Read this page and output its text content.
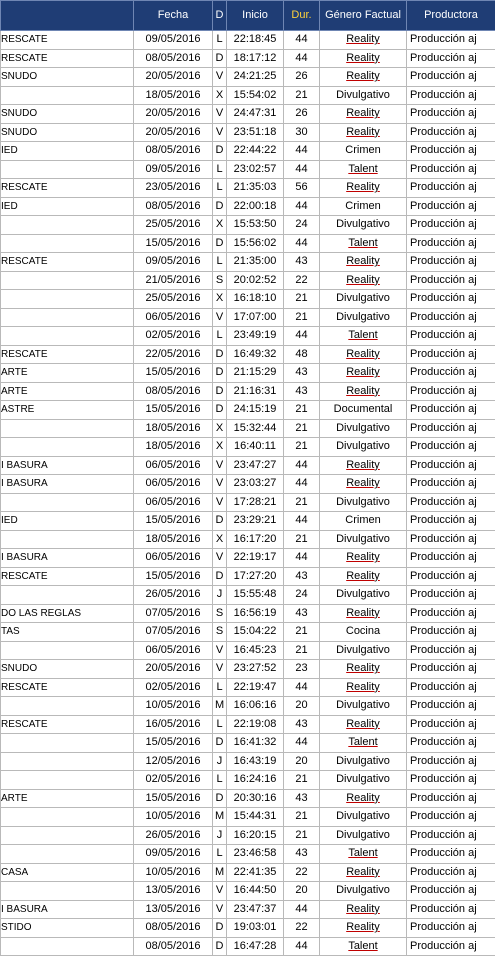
	Fecha	D	Inicio	Dur.	Género Factual	Productora
RESCATE	09/05/2016	L	22:18:45	44	Reality	Producción aj
RESCATE	08/05/2016	D	18:17:12	44	Reality	Producción aj
SNUDO	20/05/2016	V	24:21:25	26	Reality	Producción aj
	18/05/2016	X	15:54:02	21	Divulgativo	Producción aj
SNUDO	20/05/2016	V	24:47:31	26	Reality	Producción aj
SNUDO	20/05/2016	V	23:51:18	30	Reality	Producción aj
IED	08/05/2016	D	22:44:22	44	Crimen	Producción aj
	09/05/2016	L	23:02:57	44	Talent	Producción aj
RESCATE	23/05/2016	L	21:35:03	56	Reality	Producción aj
IED	08/05/2016	D	22:00:18	44	Crimen	Producción aj
	25/05/2016	X	15:53:50	24	Divulgativo	Producción aj
	15/05/2016	D	15:56:02	44	Talent	Producción aj
RESCATE	09/05/2016	L	21:35:00	43	Reality	Producción aj
	21/05/2016	S	20:02:52	22	Reality	Producción aj
	25/05/2016	X	16:18:10	21	Divulgativo	Producción aj
	06/05/2016	V	17:07:00	21	Divulgativo	Producción aj
	02/05/2016	L	23:49:19	44	Talent	Producción aj
RESCATE	22/05/2016	D	16:49:32	48	Reality	Producción aj
ARTE	15/05/2016	D	21:15:29	43	Reality	Producción aj
ARTE	08/05/2016	D	21:16:31	43	Reality	Producción aj
ASTRE	15/05/2016	D	24:15:19	21	Documental	Producción aj
	18/05/2016	X	15:32:44	21	Divulgativo	Producción aj
	18/05/2016	X	16:40:11	21	Divulgativo	Producción aj
I BASURA	06/05/2016	V	23:47:27	44	Reality	Producción aj
I BASURA	06/05/2016	V	23:03:27	44	Reality	Producción aj
	06/05/2016	V	17:28:21	21	Divulgativo	Producción aj
IED	15/05/2016	D	23:29:21	44	Crimen	Producción aj
	18/05/2016	X	16:17:20	21	Divulgativo	Producción aj
I BASURA	06/05/2016	V	22:19:17	44	Reality	Producción aj
RESCATE	15/05/2016	D	17:27:20	43	Reality	Producción aj
	26/05/2016	J	15:55:48	24	Divulgativo	Producción aj
DO LAS REGLAS	07/05/2016	S	16:56:19	43	Reality	Producción aj
TAS	07/05/2016	S	15:04:22	21	Cocina	Producción aj
	06/05/2016	V	16:45:23	21	Divulgativo	Producción aj
SNUDO	20/05/2016	V	23:27:52	23	Reality	Producción aj
RESCATE	02/05/2016	L	22:19:47	44	Reality	Producción aj
	10/05/2016	M	16:06:16	20	Divulgativo	Producción aj
RESCATE	16/05/2016	L	22:19:08	43	Reality	Producción aj
	15/05/2016	D	16:41:32	44	Talent	Producción aj
	12/05/2016	J	16:43:19	20	Divulgativo	Producción aj
	02/05/2016	L	16:24:16	21	Divulgativo	Producción aj
ARTE	15/05/2016	D	20:30:16	43	Reality	Producción aj
	10/05/2016	M	15:44:31	21	Divulgativo	Producción aj
	26/05/2016	J	16:20:15	21	Divulgativo	Producción aj
	09/05/2016	L	23:46:58	43	Talent	Producción aj
CASA	10/05/2016	M	22:41:35	22	Reality	Producción aj
	13/05/2016	V	16:44:50	20	Divulgativo	Producción aj
I BASURA	13/05/2016	V	23:47:37	44	Reality	Producción aj
STIDO	08/05/2016	D	19:03:01	22	Reality	Producción aj
	08/05/2016	D	16:47:28	44	Talent	Producción aj
